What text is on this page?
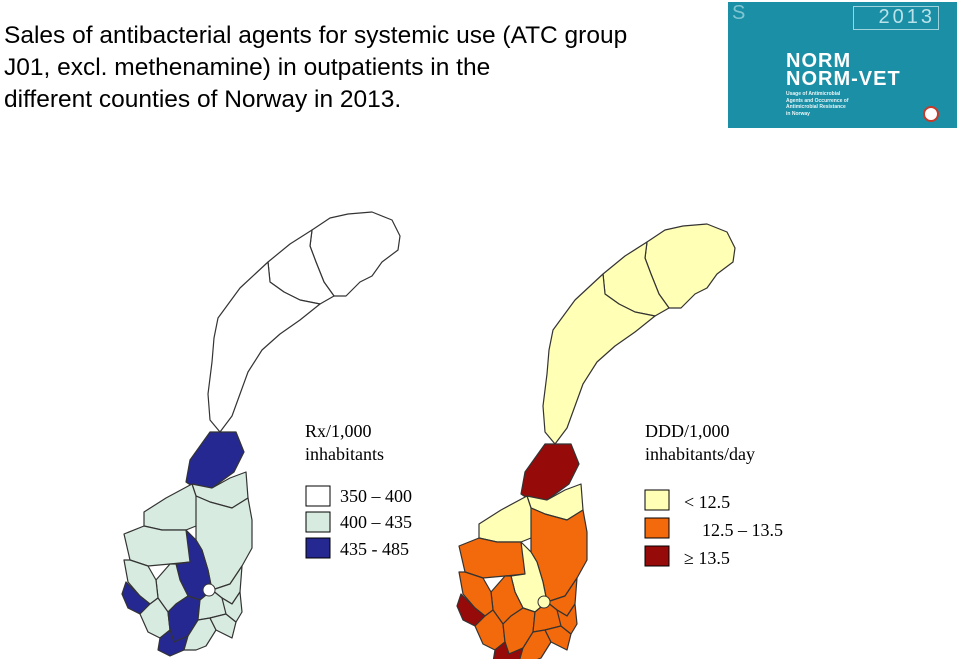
Sales of antibacterial agents for systemic use (ATC group
J01, excl. methenamine) in outpatients in the
different counties of Norway in 2013.
S	2013
NORM
NORM-VET
Usage of Antimicrobial
Agents and Occurrence of
Antimicrobial Resistance
in Norway
Rx/1,000
inhabitants
350 – 400
400 – 435
435 - 485
DDD/1,000
inhabitants/day
< 12.5
12.5 – 13.5
≥ 13.5
